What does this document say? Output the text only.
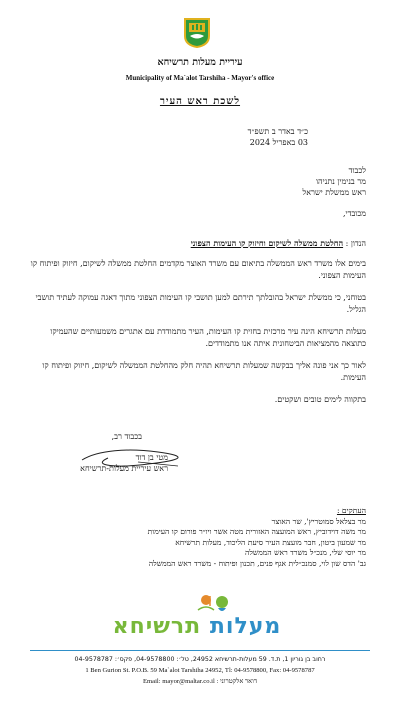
עיריית מעלות תרשיחא
Municipality of Ma`alot Tarshiha - Mayor's office
לשכת ראש העיר
כ״ד באדר ב תשפ״ד
03 באפריל 2024
לכבוד
מר בנימין נתניהו
ראש ממשלת ישראל
מכובדי,
הנדון : החלטת ממשלה לשיקום וחיזוק קו העימות הצפוני
בימים אלו משרד ראש הממשלה בתיאום עם משרד האוצר מקדמים החלטת ממשלה לשיקום, חיזוק ופיתוח קו העימות הצפוני.
בטוחני, כי ממשלת ישראל בהובלתך תירתם למען תושבי קו העימות הצפוני מתוך דאגה עמוקה לעתיד תושבי הגליל.
מעלות תרשיחא הינה עיר מרכזית בחזית קו העימות, העיר מתמודדת עם אתגרים משמעותיים שהעמיקו כתוצאה מהמציאות הביטחונית איתה אנו מתמודדים.
לאור כך אני פונה אליך בבקשה שמעלות תרשיחא תהיה חלק מהחלטת הממשלה לשיקום, חיזוק ופיתוח קו העימות.
בתקווה לימים טובים ושקטים.
בכבוד רב,
מטי בן דוד
ראש עיריית מעלות-תרשיחא
העתקים :
מר בצלאל סמוטריץ', שר האוצר
מר משה דוידוביץ, ראש המועצה האזורית מטה אשר ויו״ר פורום קו העימות
מר שמעון ביטון, חבר מועצת העיר סיעת הליכוד, מעלות תרשיחא
מר יוסי שלי, מנכ״ל משרד ראש הממשלה
גב' הדס שון לוי, סמנכ״לית אגף פנים, תכנון ופיתוח - משרד ראש הממשלה
מעלות תרשיחא
רחוב בן גוריון 1, ת.ד. 59 מעלות-תרשיחא 24952, טל׳: 04-9578800, פקס׳: 04-9578787
1 Ben Gurion St. P.O.B. 59 Ma`alot Tarshiha 24952, Tl: 04-9578800, Fax: 04-9578787
Email: mayor@maltar.co.il : דואר אלקטרוני
